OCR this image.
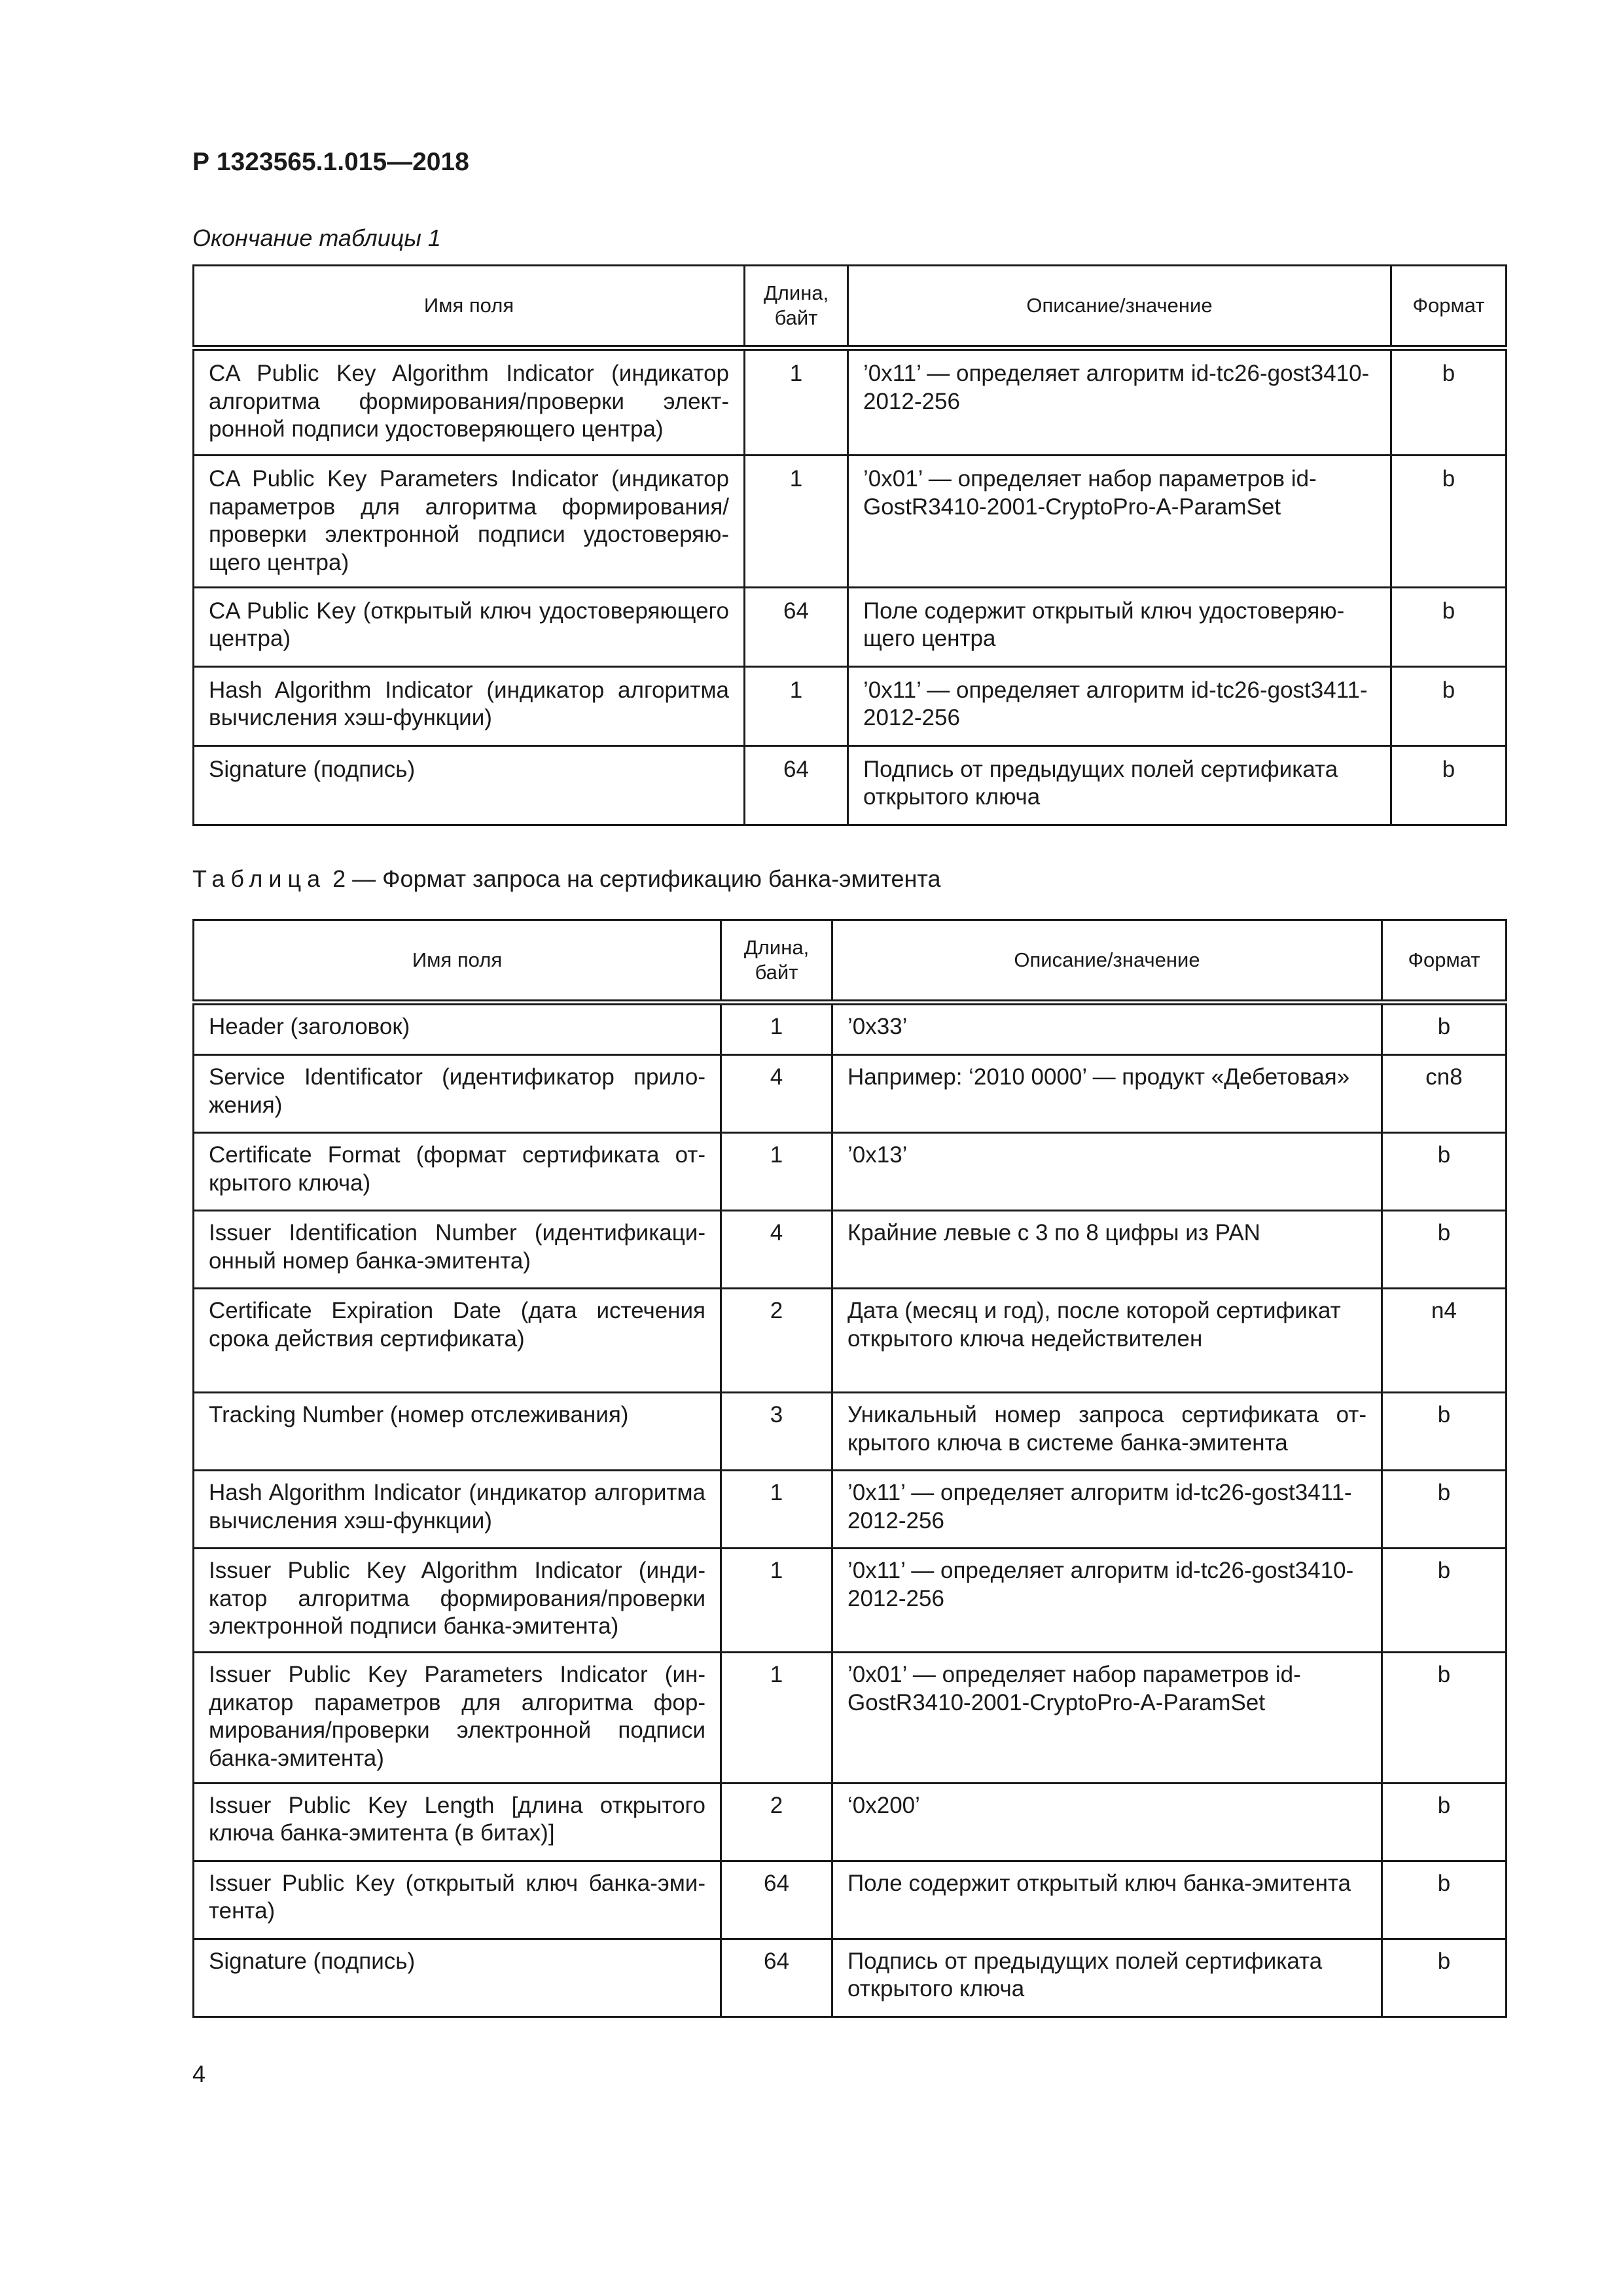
Р 1323565.1.015—2018
Окончание таблицы 1
Имя поля	Длина, байт	Описание/значение	Формат
CA Public Key Algorithm Indicator (индикатор алгоритма формирования/проверки электронной подписи удостоверяющего центра)	1	’0x11’ — определяет алгоритм id-tc26-gost3410-2012-256	b
CA Public Key Parameters Indicator (индикатор параметров для алгоритма формирования/ проверки электронной подписи удостоверяющего центра)	1	’0x01’ — определяет набор параметров id-GostR3410-2001-CryptoPro-A-ParamSet	b
CA Public Key (открытый ключ удостоверяющего центра)	64	Поле содержит открытый ключ удостоверяющего центра	b
Hash Algorithm Indicator (индикатор алгоритма вычисления хэш-функции)	1	’0x11’ — определяет алгоритм id-tc26-gost3411-2012-256	b
Signature (подпись)	64	Подпись от предыдущих полей сертификата открытого ключа	b
Таблица 2 — Формат запроса на сертификацию банка-эмитента
Имя поля	Длина, байт	Описание/значение	Формат
Header (заголовок)	1	’0x33’	b
Service Identificator (идентификатор приложения)	4	Например: ‘2010 0000’ — продукт «Дебетовая»	cn8
Certificate Format (формат сертификата открытого ключа)	1	’0x13’	b
Issuer Identification Number (идентификационный номер банка-эмитента)	4	Крайние левые с 3 по 8 цифры из PAN	b
Certificate Expiration Date (дата истечения срока действия сертификата)	2	Дата (месяц и год), после которой сертификат открытого ключа недействителен	n4
Tracking Number (номер отслеживания)	3	Уникальный номер запроса сертификата открытого ключа в системе банка-эмитента	b
Hash Algorithm Indicator (индикатор алгоритма вычисления хэш-функции)	1	’0x11’ — определяет алгоритм id-tc26-gost3411-2012-256	b
Issuer Public Key Algorithm Indicator (индикатор алгоритма формирования/проверки электронной подписи банка-эмитента)	1	’0x11’ — определяет алгоритм id-tc26-gost3410-2012-256	b
Issuer Public Key Parameters Indicator (индикатор параметров для алгоритма формирования/проверки электронной подписи банка-эмитента)	1	’0x01’ — определяет набор параметров id-GostR3410-2001-CryptoPro-A-ParamSet	b
Issuer Public Key Length [длина открытого ключа банка-эмитента (в битах)]	2	‘0x200’	b
Issuer Public Key (открытый ключ банка-эмитента)	64	Поле содержит открытый ключ банка-эмитента	b
Signature (подпись)	64	Подпись от предыдущих полей сертификата открытого ключа	b
4
